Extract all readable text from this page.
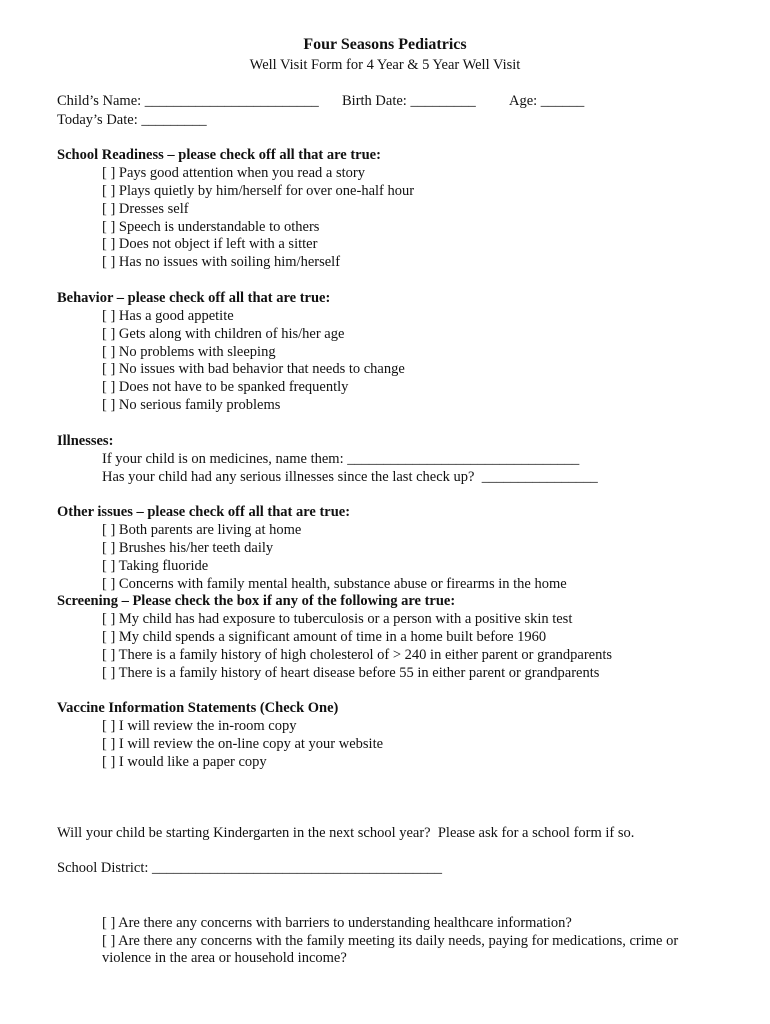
Four Seasons Pediatrics
Well Visit Form for 4 Year & 5 Year Well Visit
Child’s Name: ________________________ Birth Date: _________ Age: ______
Today’s Date: _________
School Readiness – please check off all that are true:
[ ] Pays good attention when you read a story
[ ] Plays quietly by him/herself for over one-half hour
[ ] Dresses self
[ ] Speech is understandable to others
[ ] Does not object if left with a sitter
[ ] Has no issues with soiling him/herself
Behavior – please check off all that are true:
[ ] Has a good appetite
[ ] Gets along with children of his/her age
[ ] No problems with sleeping
[ ] No issues with bad behavior that needs to change
[ ] Does not have to be spanked frequently
[ ] No serious family problems
Illnesses:
If your child is on medicines, name them: ________________________________
Has your child had any serious illnesses since the last check up?  ________________
Other issues – please check off all that are true:
[ ] Both parents are living at home
[ ] Brushes his/her teeth daily
[ ] Taking fluoride
[ ] Concerns with family mental health, substance abuse or firearms in the home
Screening – Please check the box if any of the following are true:
[ ] My child has had exposure to tuberculosis or a person with a positive skin test
[ ] My child spends a significant amount of time in a home built before 1960
[ ] There is a family history of high cholesterol of > 240 in either parent or grandparents
[ ] There is a family history of heart disease before 55 in either parent or grandparents
Vaccine Information Statements (Check One)
[ ] I will review the in-room copy
[ ] I will review the on-line copy at your website
[ ] I would like a paper copy
Will your child be starting Kindergarten in the next school year?  Please ask for a school form if so.
School District: ________________________________________
[ ] Are there any concerns with barriers to understanding healthcare information?
[ ] Are there any concerns with the family meeting its daily needs, paying for medications, crime or
violence in the area or household income?
